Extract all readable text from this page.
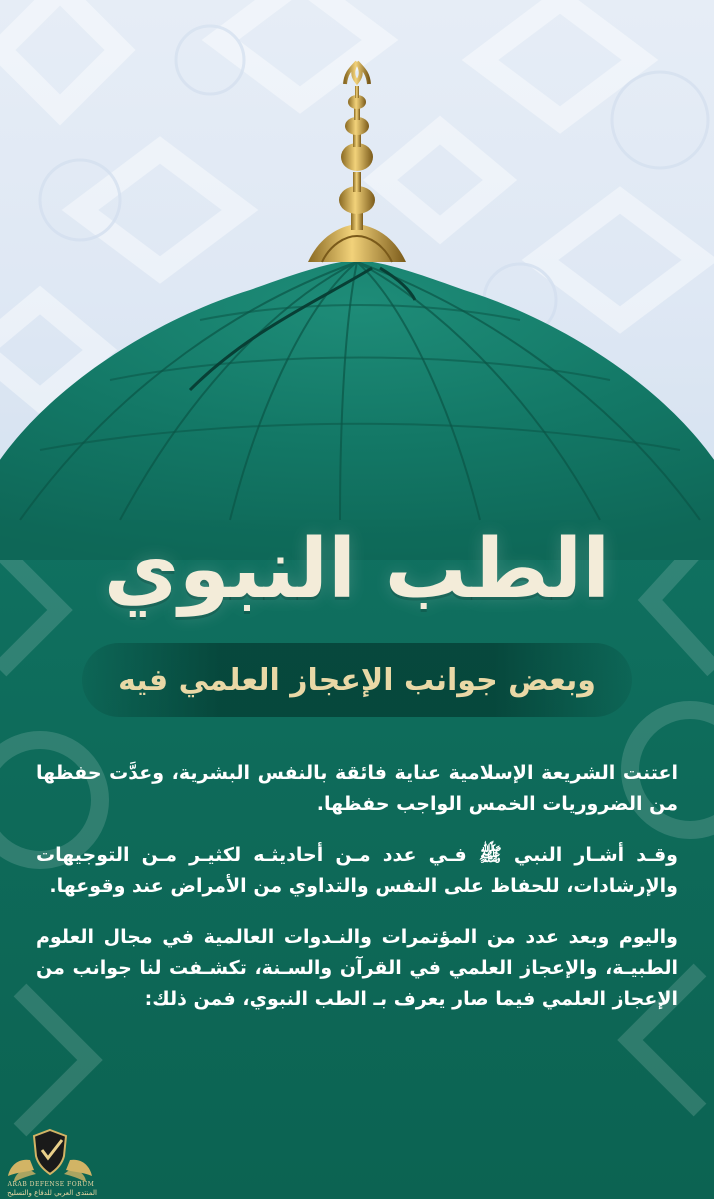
الطب النبوي
وبعض جوانب الإعجاز العلمي فيه

اعتنت الشريعة الإسلامية عناية فائقة بالنفس البشرية، وعدَّت حفظها من الضروريات الخمس الواجب حفظها.

وقـد أشـار النبي ﷺ فـي عدد مـن أحاديثـه لكثيـر مـن التوجيهات والإرشادات، للحفاظ على النفس والتداوي من الأمراض عند وقوعها.

واليوم وبعد عدد من المؤتمرات والنـدوات العالمية في مجال العلوم الطبيـة، والإعجاز العلمي في القرآن والسـنة، تكشـفت لنا جوانب من الإعجاز العلمي فيما صار يعرف بـ الطب النبوي، فمن ذلك:

ARAB DEFENSE FORUM
المنتدى العربي للدفاع والتسليح
